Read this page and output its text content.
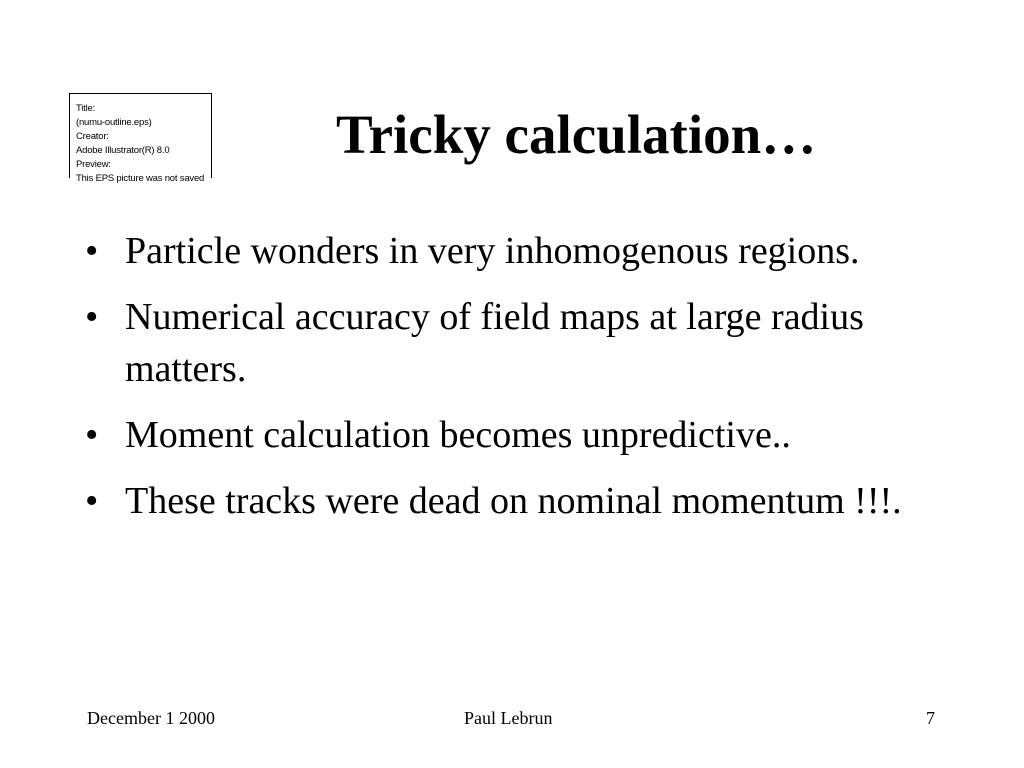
Title:
(numu-outline.eps)
Creator:
Adobe Illustrator(R) 8.0
Preview:
This EPS picture was not saved
Tricky calculation…
• Particle wonders in very inhomogenous regions.
• Numerical accuracy of field maps at large radius matters.
• Moment calculation becomes unpredictive..
• These tracks were dead on nominal momentum !!!.
December 1 2000	Paul Lebrun	7
